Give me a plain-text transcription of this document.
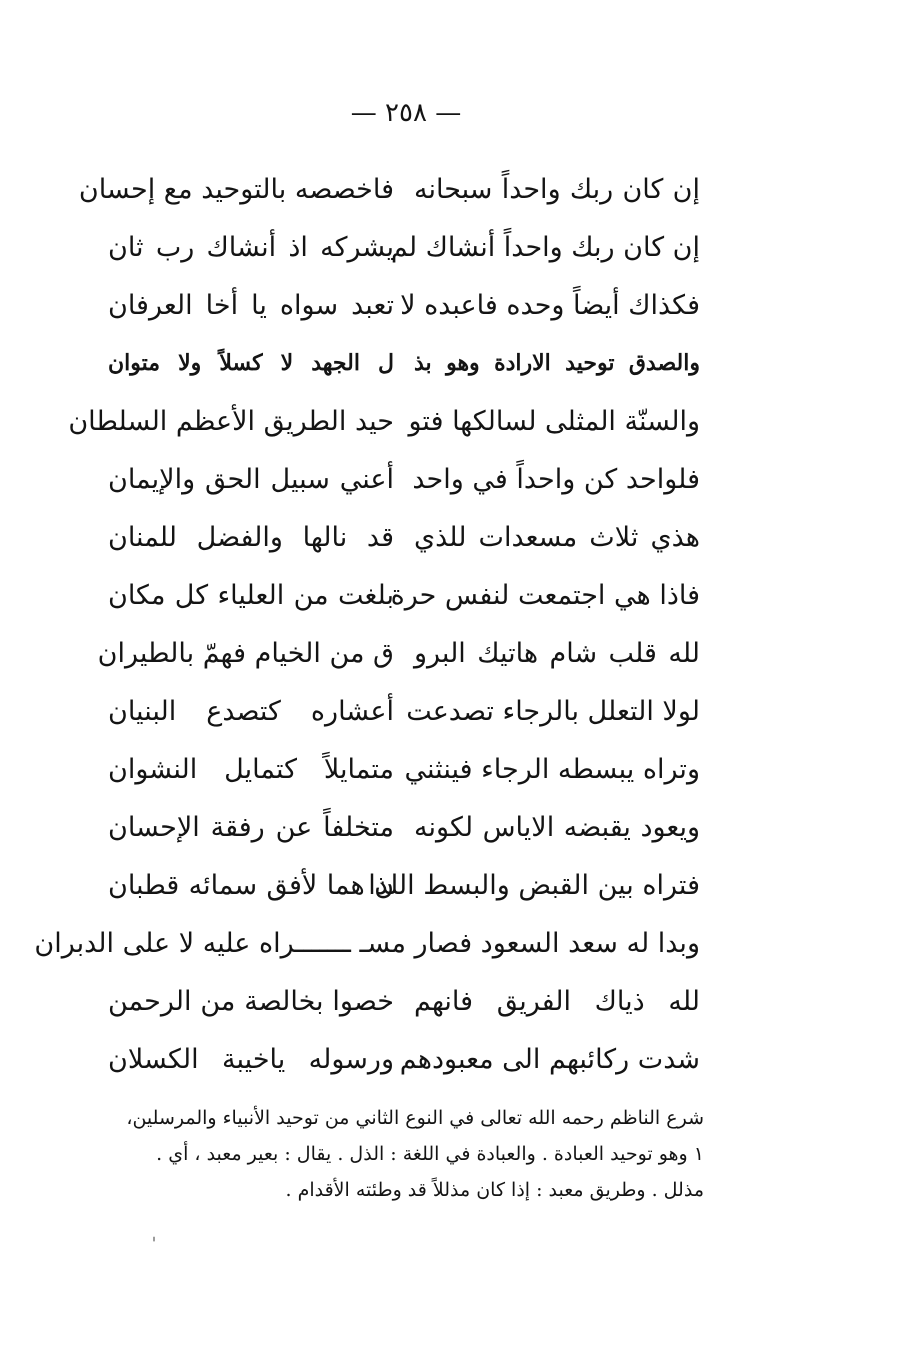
— ٢٥٨ —
إن كان ربك واحداً سبحانه
فاخصصه بالتوحيد مع إحسان
إن كان ربك واحداً أنشاك لم
يشركه اذ أنشاك رب ثان
فكذاك أيضاً وحده فاعبده لا
تعبد سواه يا أخا العرفان
والصدق توحيد الارادة وهو بذ
ل الجهد لا كسلاً ولا متوان
والسنّة المثلى لسالكها فتو
حيد الطريق الأعظم السلطان
فلواحد كن واحداً في واحد
أعني سبيل الحق والإيمان
هذي ثلاث مسعدات للذي
قد نالها والفضل للمنان
فاذا هي اجتمعت لنفس حرة
بلغت من العلياء كل مكان
لله قلب شام هاتيك البرو
ق من الخيام فهمّ بالطيران
لولا التعلل بالرجاء تصدعت
أعشاره كتصدع البنيان
وتراه يبسطه الرجاء فينثني
متمايلاً كتمايل النشوان
ويعود يقبضه الاياس لكونه
متخلفاً عن رفقة الإحسان
فتراه بين القبض والبسط اللذا
ن هما لأفق سمائه قطبان
وبدا له سعد السعود فصار مسـ ـــــــراه عليه لا على الدبران
لله ذياك الفريق فانهم
خصوا بخالصة من الرحمن
شدت ركائبهم الى معبودهم
ورسوله ياخيبة الكسلان
شرع الناظم رحمه الله تعالى في النوع الثاني من توحيد الأنبياء والمرسلين،
١ وهو توحيد العبادة . والعبادة في اللغة : الذل . يقال : بعير معبد ، أي .
مذلل . وطريق معبد : إذا كان مذللاً قد وطئته الأقدام .
